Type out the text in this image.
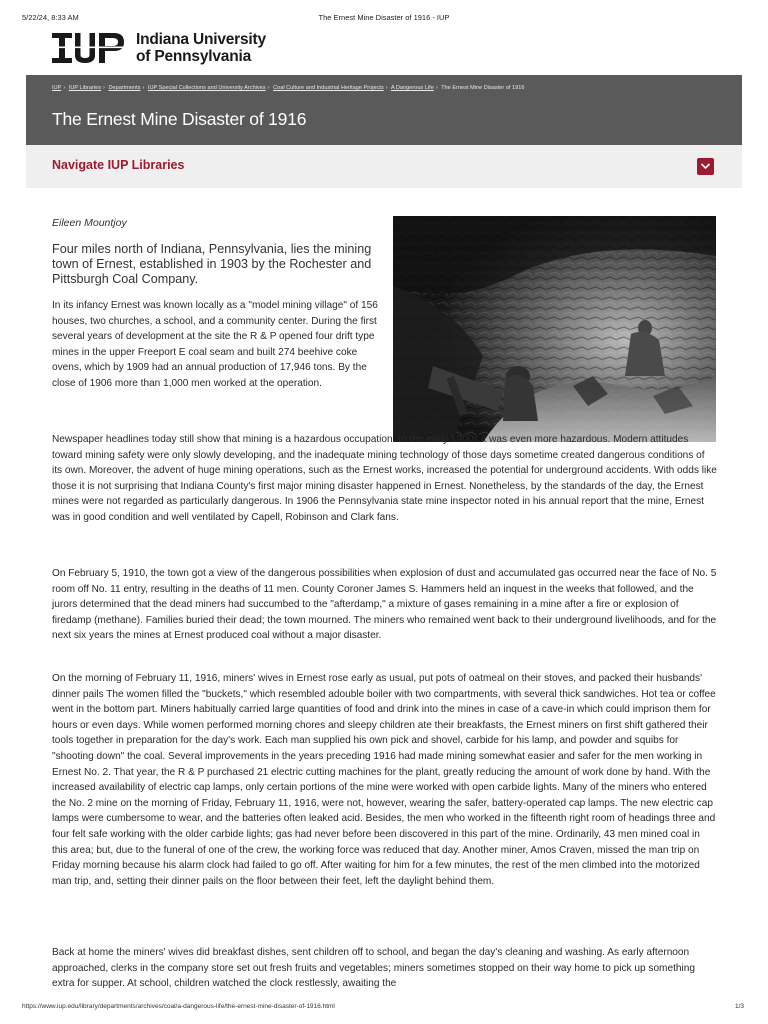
5/22/24, 8:33 AM	The Ernest Mine Disaster of 1916 - IUP
Indiana University
of Pennsylvania
IUP › IUP Libraries › Departments › IUP Special Collections and University Archives › Coal Culture and Industrial Heritage Projects › A Dangerous Life › The Ernest Mine Disaster of 1916
The Ernest Mine Disaster of 1916
Navigate IUP Libraries
Eileen Mountjoy
Four miles north of Indiana, Pennsylvania, lies the mining town of Ernest, established in 1903 by the Rochester and Pittsburgh Coal Company.

In its infancy Ernest was known locally as a "model mining village" of 156 houses, two churches, a school, and a community center. During the first several years of development at the site the R & P opened four drift type mines in the upper Freeport E coal seam and built 274 beehive coke ovens, which by 1909 had an annual production of 17,946 tons. By the close of 1906 more than 1,000 men worked at the operation.

Newspaper headlines today still show that mining is a hazardous occupation. In the early 1900s it was even more hazardous. Modern attitudes toward mining safety were only slowly developing, and the inadequate mining technology of those days sometime created dangerous conditions of its own. Moreover, the advent of huge mining operations, such as the Ernest works, increased the potential for underground accidents. With odds like those it is not surprising that Indiana County's first major mining disaster happened in Ernest. Nonetheless, by the standards of the day, the Ernest mines were not regarded as particularly dangerous. In 1906 the Pennsylvania state mine inspector noted in his annual report that the mine, Ernest was in good condition and well ventilated by Capell, Robinson and Clark fans.

On February 5, 1910, the town got a view of the dangerous possibilities when explosion of dust and accumulated gas occurred near the face of No. 5 room off No. 11 entry, resulting in the deaths of 11 men. County Coroner James S. Hammers held an inquest in the weeks that followed, and the jurors determined that the dead miners had succumbed to the "afterdamp," a mixture of gases remaining in a mine after a fire or explosion of firedamp (methane). Families buried their dead; the town mourned. The miners who remained went back to their underground livelihoods, and for the next six years the mines at Ernest produced coal without a major disaster.

On the morning of February 11, 1916, miners' wives in Ernest rose early as usual, put pots of oatmeal on their stoves, and packed their husbands' dinner pails The women filled the "buckets," which resembled adouble boiler with two compartments, with several thick sandwiches. Hot tea or coffee went in the bottom part. Miners habitually carried large quantities of food and drink into the mines in case of a cave-in which could imprison them for hours or even days. While women performed morning chores and sleepy children ate their breakfasts, the Ernest miners on first shift gathered their tools together in preparation for the day's work. Each man supplied his own pick and shovel, carbide for his lamp, and powder and squibs for "shooting down" the coal. Several improvements in the years preceding 1916 had made mining somewhat easier and safer for the men working in Ernest No. 2. That year, the R & P purchased 21 electric cutting machines for the plant, greatly reducing the amount of work done by hand. With the increased availability of electric cap lamps, only certain portions of the mine were worked with open carbide lights. Many of the miners who entered the No. 2 mine on the morning of Friday, February 11, 1916, were not, however, wearing the safer, battery-operated cap lamps. The new electric cap lamps were cumbersome to wear, and the batteries often leaked acid. Besides, the men who worked in the fifteenth right room of headings three and four felt safe working with the older carbide lights; gas had never before been discovered in this part of the mine. Ordinarily, 43 men mined coal in this area; but, due to the funeral of one of the crew, the working force was reduced that day. Another miner, Amos Craven, missed the man trip on Friday morning because his alarm clock had failed to go off. After waiting for him for a few minutes, the rest of the men climbed into the motorized man trip, and, setting their dinner pails on the floor between their feet, left the daylight behind them.

Back at home the miners' wives did breakfast dishes, sent children off to school, and began the day's cleaning and washing. As early afternoon approached, clerks in the company store set out fresh fruits and vegetables; miners sometimes stopped on their way home to pick up something extra for supper. At school, children watched the clock restlessly, awaiting the

https://www.iup.edu/library/departments/archives/coal/a-dangerous-life/the-ernest-mine-disaster-of-1916.html	1/3
